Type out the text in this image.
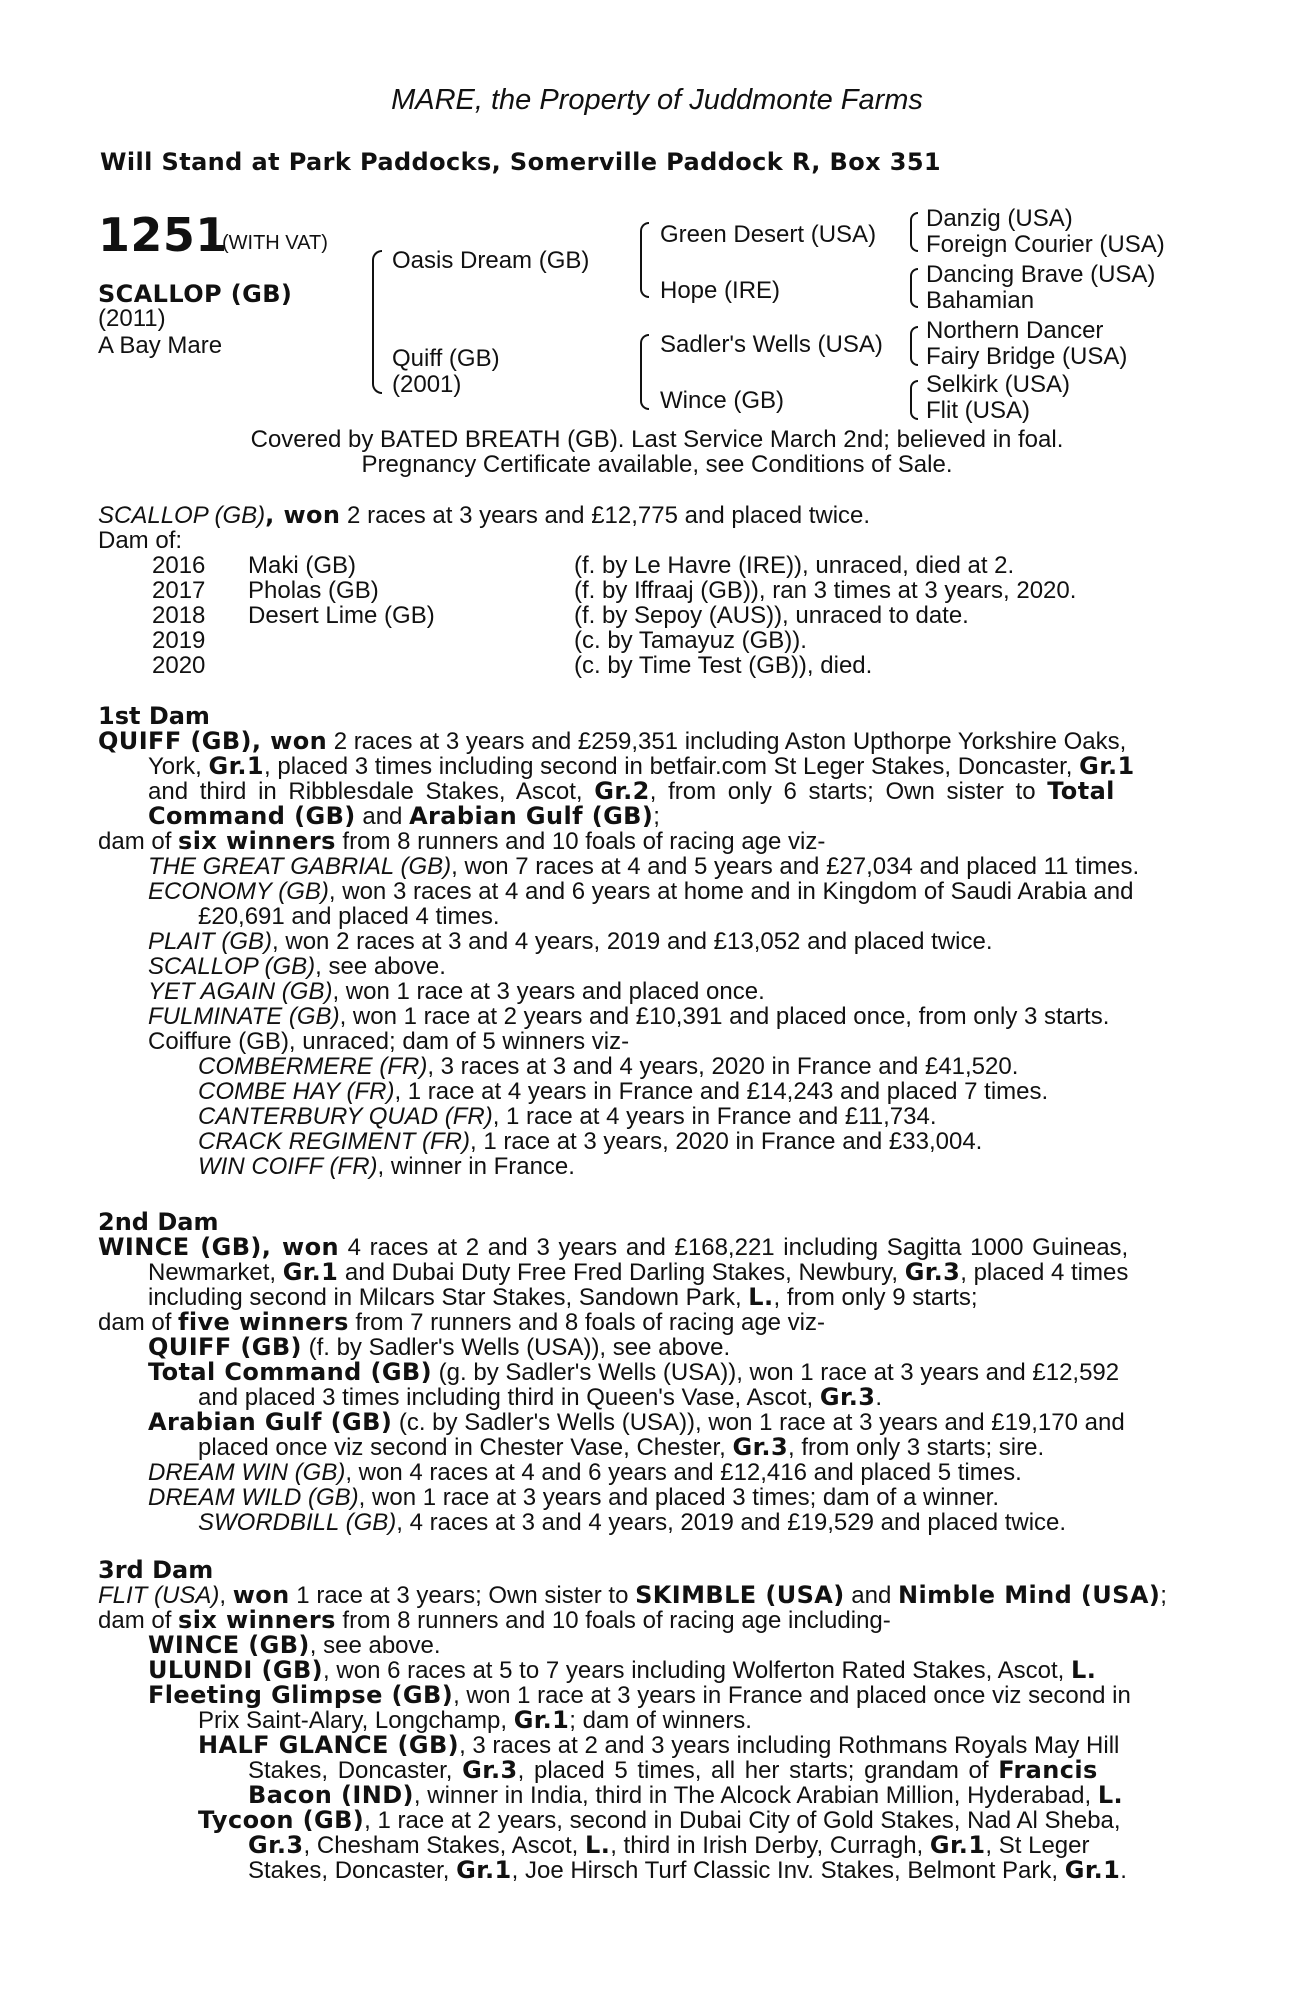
MARE, the Property of Juddmonte Farms
Will Stand at Park Paddocks, Somerville Paddock R, Box 351
1251
(WITH VAT)
SCALLOP (GB)
(2011)
A Bay Mare
Oasis Dream (GB)
Quiff (GB)
(2001)
Green Desert (USA)
Hope (IRE)
Sadler's Wells (USA)
Wince (GB)
Danzig (USA)
Foreign Courier (USA)
Dancing Brave (USA)
Bahamian
Northern Dancer
Fairy Bridge (USA)
Selkirk (USA)
Flit (USA)
Covered by BATED BREATH (GB). Last Service March 2nd; believed in foal.
Pregnancy Certificate available, see Conditions of Sale.
SCALLOP (GB), won 2 races at 3 years and £12,775 and placed twice.
Dam of:
2016 Maki (GB)	(f. by Le Havre (IRE)), unraced, died at 2.
2017 Pholas (GB)	(f. by Iffraaj (GB)), ran 3 times at 3 years, 2020.
2018 Desert Lime (GB)	(f. by Sepoy (AUS)), unraced to date.
2019	(c. by Tamayuz (GB)).
2020	(c. by Time Test (GB)), died.
1st Dam
QUIFF (GB), won 2 races at 3 years and £259,351 including Aston Upthorpe Yorkshire Oaks,
York, Gr.1, placed 3 times including second in betfair.com St Leger Stakes, Doncaster, Gr.1
and third in Ribblesdale Stakes, Ascot, Gr.2, from only 6 starts; Own sister to Total
Command (GB) and Arabian Gulf (GB);
dam of six winners from 8 runners and 10 foals of racing age viz-
THE GREAT GABRIAL (GB), won 7 races at 4 and 5 years and £27,034 and placed 11 times.
ECONOMY (GB), won 3 races at 4 and 6 years at home and in Kingdom of Saudi Arabia and
£20,691 and placed 4 times.
PLAIT (GB), won 2 races at 3 and 4 years, 2019 and £13,052 and placed twice.
SCALLOP (GB), see above.
YET AGAIN (GB), won 1 race at 3 years and placed once.
FULMINATE (GB), won 1 race at 2 years and £10,391 and placed once, from only 3 starts.
Coiffure (GB), unraced; dam of 5 winners viz-
COMBERMERE (FR), 3 races at 3 and 4 years, 2020 in France and £41,520.
COMBE HAY (FR), 1 race at 4 years in France and £14,243 and placed 7 times.
CANTERBURY QUAD (FR), 1 race at 4 years in France and £11,734.
CRACK REGIMENT (FR), 1 race at 3 years, 2020 in France and £33,004.
WIN COIFF (FR), winner in France.
2nd Dam
WINCE (GB), won 4 races at 2 and 3 years and £168,221 including Sagitta 1000 Guineas,
Newmarket, Gr.1 and Dubai Duty Free Fred Darling Stakes, Newbury, Gr.3, placed 4 times
including second in Milcars Star Stakes, Sandown Park, L., from only 9 starts;
dam of five winners from 7 runners and 8 foals of racing age viz-
QUIFF (GB) (f. by Sadler's Wells (USA)), see above.
Total Command (GB) (g. by Sadler's Wells (USA)), won 1 race at 3 years and £12,592
and placed 3 times including third in Queen's Vase, Ascot, Gr.3.
Arabian Gulf (GB) (c. by Sadler's Wells (USA)), won 1 race at 3 years and £19,170 and
placed once viz second in Chester Vase, Chester, Gr.3, from only 3 starts; sire.
DREAM WIN (GB), won 4 races at 4 and 6 years and £12,416 and placed 5 times.
DREAM WILD (GB), won 1 race at 3 years and placed 3 times; dam of a winner.
SWORDBILL (GB), 4 races at 3 and 4 years, 2019 and £19,529 and placed twice.
3rd Dam
FLIT (USA), won 1 race at 3 years; Own sister to SKIMBLE (USA) and Nimble Mind (USA);
dam of six winners from 8 runners and 10 foals of racing age including-
WINCE (GB), see above.
ULUNDI (GB), won 6 races at 5 to 7 years including Wolferton Rated Stakes, Ascot, L.
Fleeting Glimpse (GB), won 1 race at 3 years in France and placed once viz second in
Prix Saint-Alary, Longchamp, Gr.1; dam of winners.
HALF GLANCE (GB), 3 races at 2 and 3 years including Rothmans Royals May Hill
Stakes, Doncaster, Gr.3, placed 5 times, all her starts; grandam of Francis
Bacon (IND), winner in India, third in The Alcock Arabian Million, Hyderabad, L.
Tycoon (GB), 1 race at 2 years, second in Dubai City of Gold Stakes, Nad Al Sheba,
Gr.3, Chesham Stakes, Ascot, L., third in Irish Derby, Curragh, Gr.1, St Leger
Stakes, Doncaster, Gr.1, Joe Hirsch Turf Classic Inv. Stakes, Belmont Park, Gr.1.
